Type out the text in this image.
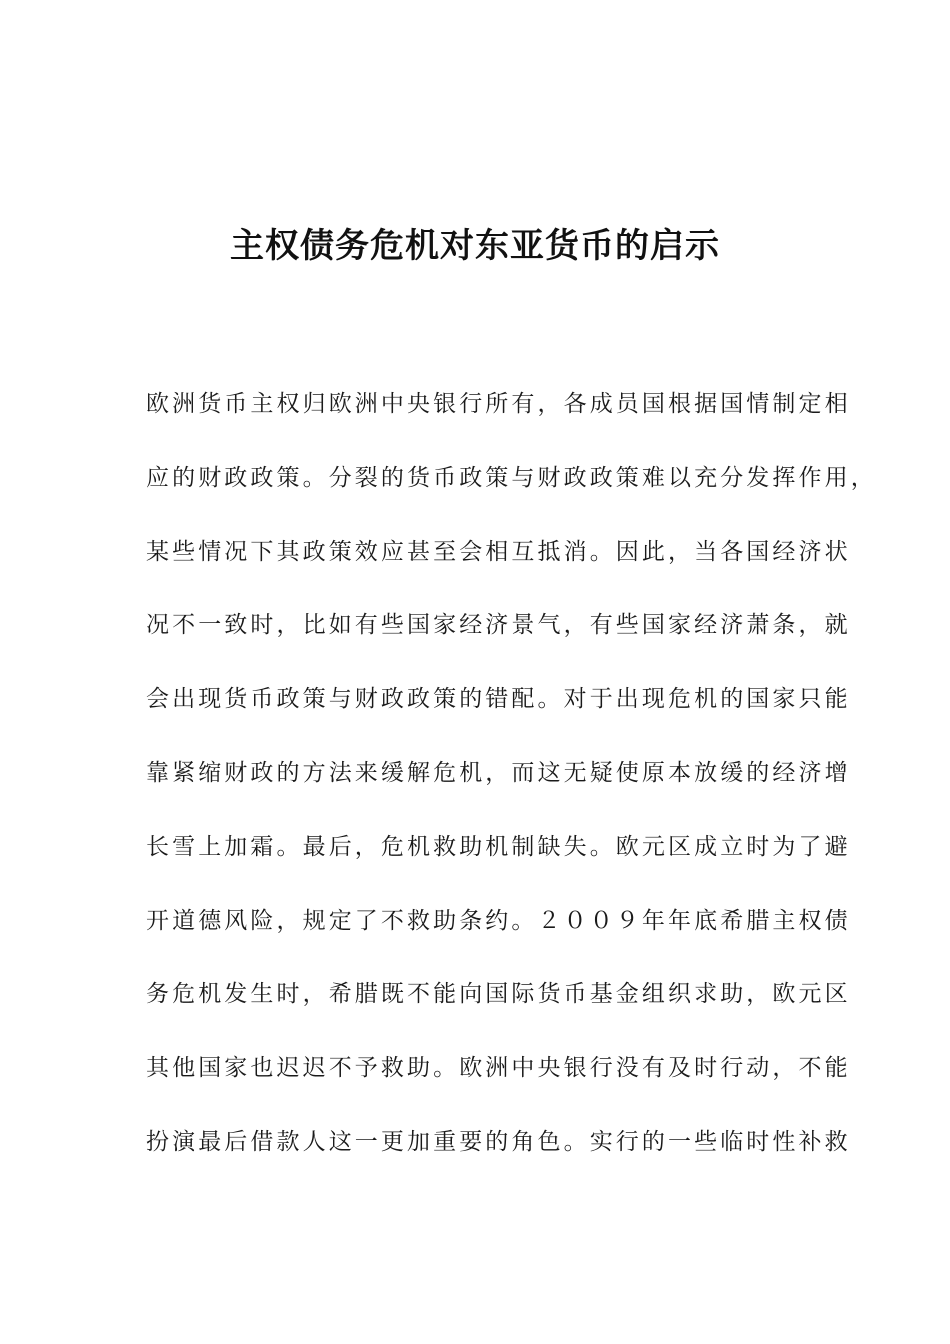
主权债务危机对东亚货币的启示
欧洲货币主权归欧洲中央银行所有，各成员国根据国情制定相
应的财政政策。分裂的货币政策与财政政策难以充分发挥作用，
某些情况下其政策效应甚至会相互抵消。因此，当各国经济状
况不一致时，比如有些国家经济景气，有些国家经济萧条，就
会出现货币政策与财政政策的错配。对于出现危机的国家只能
靠紧缩财政的方法来缓解危机，而这无疑使原本放缓的经济增
长雪上加霜。最后，危机救助机制缺失。欧元区成立时为了避
开道德风险，规定了不救助条约。２００９年年底希腊主权债
务危机发生时，希腊既不能向国际货币基金组织求助，欧元区
其他国家也迟迟不予救助。欧洲中央银行没有及时行动，不能
扮演最后借款人这一更加重要的角色。实行的一些临时性补救
